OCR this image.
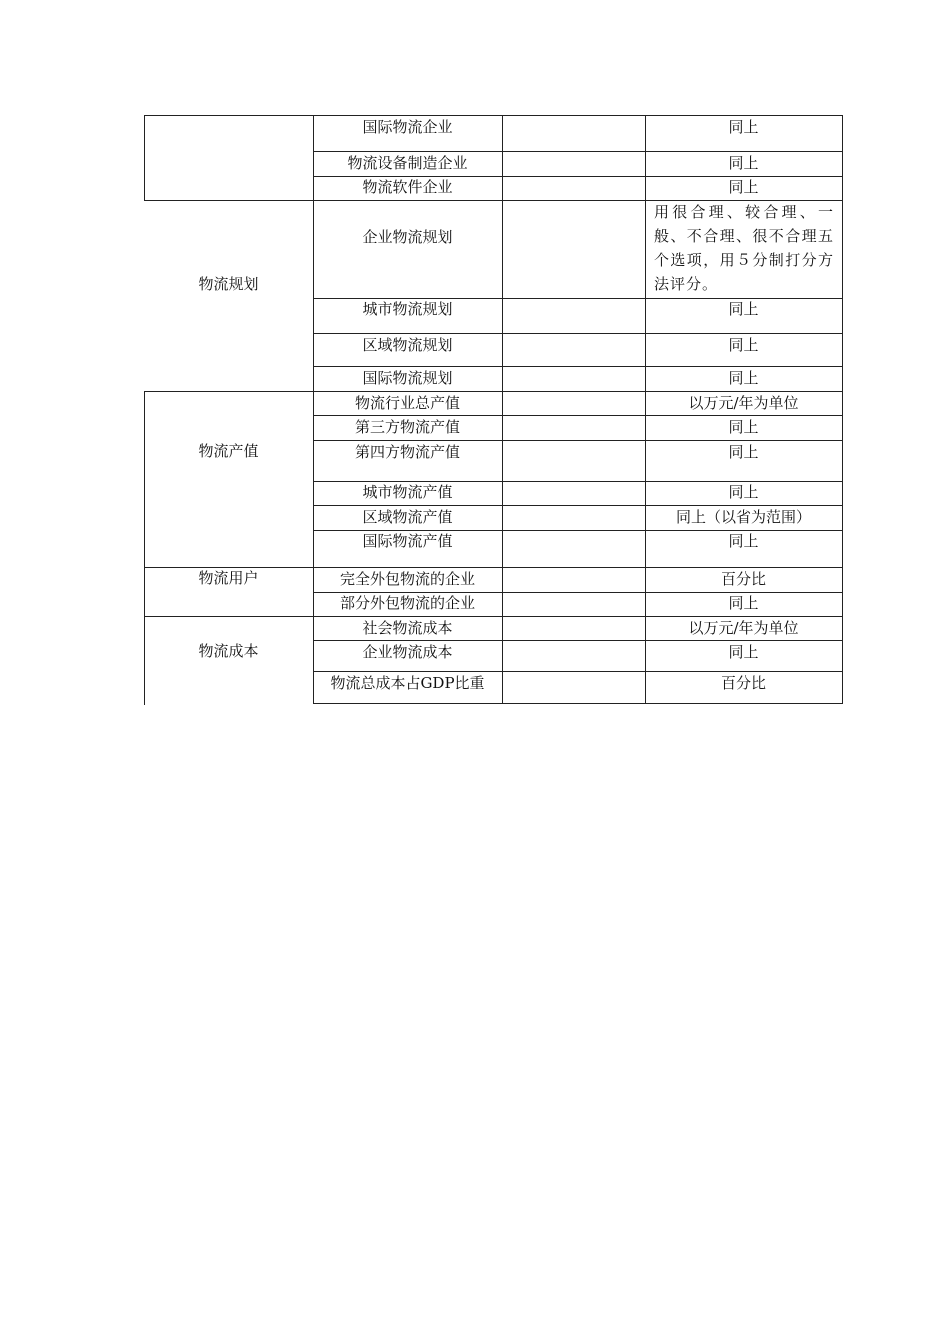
物流规划
物流产值
物流用户
物流成本
国际物流企业
物流设备制造企业
物流软件企业
企业物流规划
城市物流规划
区域物流规划
国际物流规划
物流行业总产值
第三方物流产值
第四方物流产值
城市物流产值
区域物流产值
国际物流产值
完全外包物流的企业
部分外包物流的企业
社会物流成本
企业物流成本
物流总成本占GDP比重
同上
同上
同上
用很合理、较合理、一般、不合理、很不合理五个选项，用５分制打分方法评分。
同上
同上
同上
以万元/年为单位
同上
同上
同上
同上（以省为范围）
同上
百分比
同上
以万元/年为单位
同上
百分比
